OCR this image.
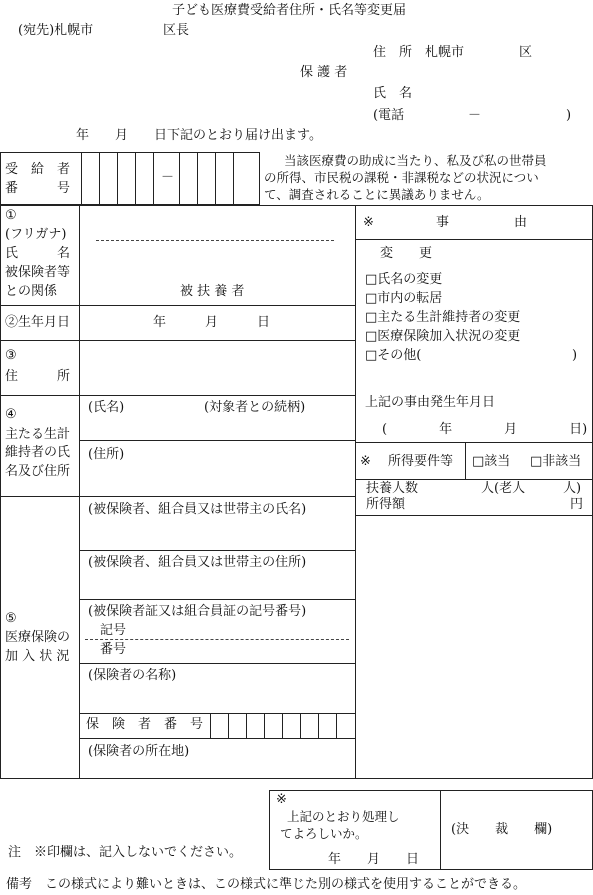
子ども医療費受給者住所・氏名等変更届
(宛先)札幌市	区長
住　所　札幌市	区
保 護 者
氏　名
(電話	－	)
年　　月　　日下記のとおり届け出ます。
受　給　者
番　　　号
－
当該医療費の助成に当たり、私及び私の世帯員
の所得、市民税の課税・非課税などの状況につい
て、調査されることに異議ありません。
①
(フリガナ)
氏　　　名
被保険者等
との関係	被 扶 養 者
②生年月日	年　　　月　　　日
③
住　　　所
④
主たる生計
維持者の氏
名及び住所
(氏名)	(対象者との続柄)
(住所)
⑤
医療保険の
加 入 状 況
(被保険者、組合員又は世帯主の氏名)
(被保険者、組合員又は世帯主の住所)
(被保険者証又は組合員証の記号番号)
記号
番号
(保険者の名称)
保　険　者　番　号
(保険者の所在地)
※	事　　　　　由
変　　更
□氏名の変更
□市内の転居
□主たる生計維持者の変更
□医療保険加入状況の変更
□その他(	)
上記の事由発生年月日
(　　　　年　　　　月　　　　日)
※ 所得要件等 □該当 □非該当
扶養人数	人(老人	人)
所得額	円
※
上記のとおり処理し
てよろしいか。
年　　月　　日
(決　　裁　　欄)
注　※印欄は、記入しないでください。
備考　この様式により難いときは、この様式に準じた別の様式を使用することができる。
